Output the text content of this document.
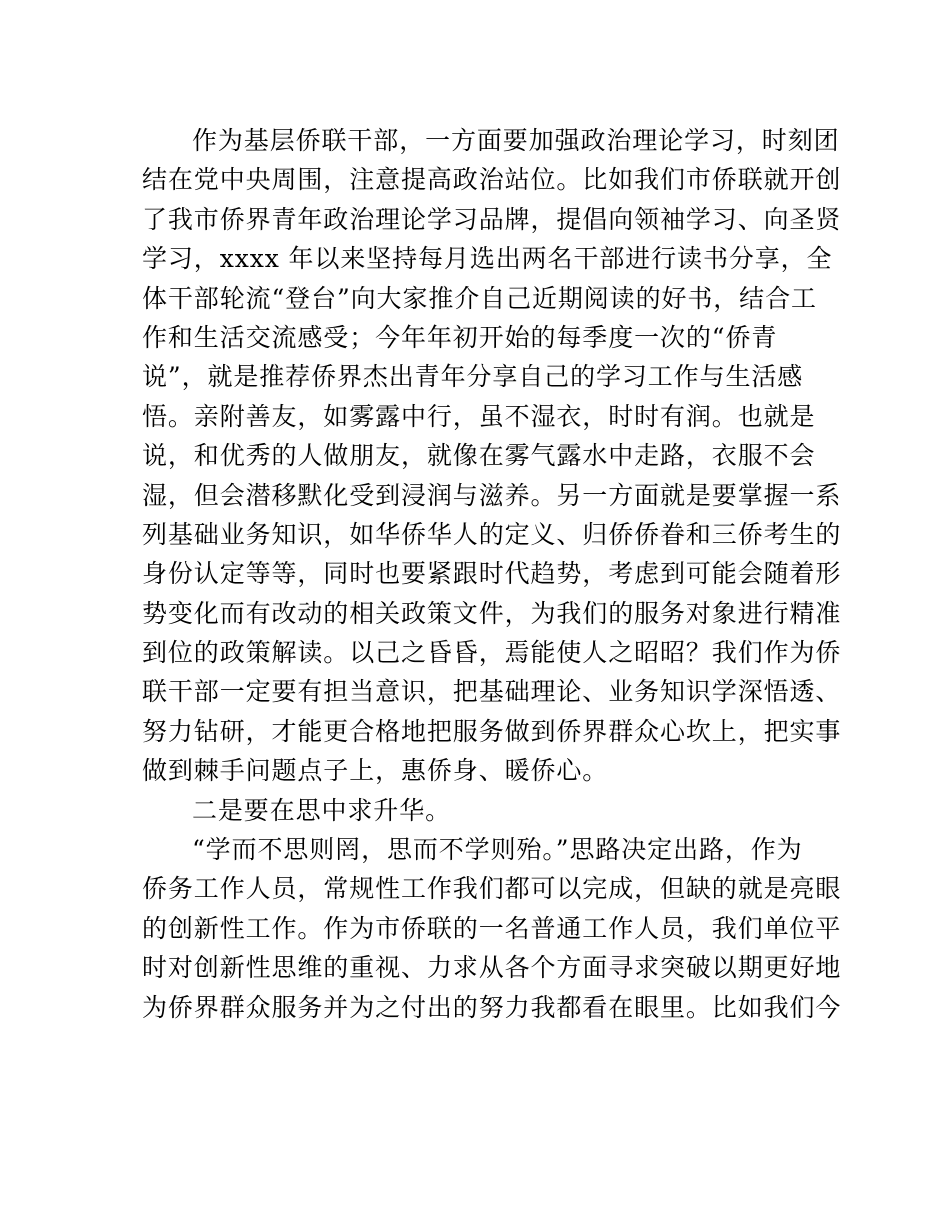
作为基层侨联干部，一方面要加强政治理论学习，时刻团
结在党中央周围，注意提高政治站位。比如我们市侨联就开创
了我市侨界青年政治理论学习品牌，提倡向领袖学习、向圣贤
学习，xxxx 年以来坚持每月选出两名干部进行读书分享，全
体干部轮流“登台”向大家推介自己近期阅读的好书，结合工
作和生活交流感受；今年年初开始的每季度一次的“侨青
说”，就是推荐侨界杰出青年分享自己的学习工作与生活感
悟。亲附善友，如雾露中行，虽不湿衣，时时有润。也就是
说，和优秀的人做朋友，就像在雾气露水中走路，衣服不会
湿，但会潜移默化受到浸润与滋养。另一方面就是要掌握一系
列基础业务知识，如华侨华人的定义、归侨侨眷和三侨考生的
身份认定等等，同时也要紧跟时代趋势，考虑到可能会随着形
势变化而有改动的相关政策文件，为我们的服务对象进行精准
到位的政策解读。以己之昏昏，焉能使人之昭昭？我们作为侨
联干部一定要有担当意识，把基础理论、业务知识学深悟透、
努力钻研，才能更合格地把服务做到侨界群众心坎上，把实事
做到棘手问题点子上，惠侨身、暖侨心。
二是要在思中求升华。
“学而不思则罔，思而不学则殆。”思路决定出路，作为
侨务工作人员，常规性工作我们都可以完成，但缺的就是亮眼
的创新性工作。作为市侨联的一名普通工作人员，我们单位平
时对创新性思维的重视、力求从各个方面寻求突破以期更好地
为侨界群众服务并为之付出的努力我都看在眼里。比如我们今
